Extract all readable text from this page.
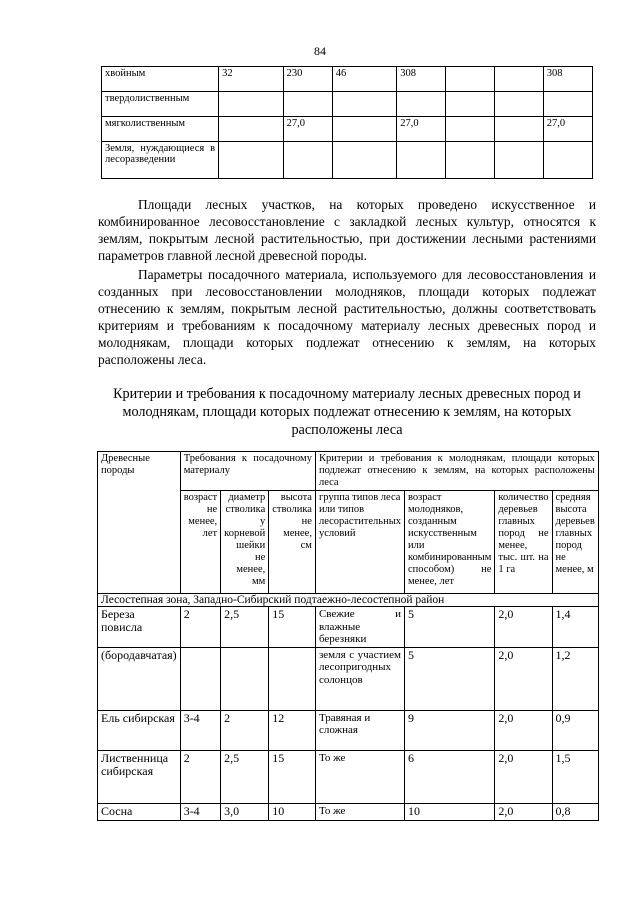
84
хвойным	32	230	46	308			308
твердолиственным							
мягколиственным		27,0		27,0			27,0
Земля, нуждающиеся в лесоразведении							

Площади лесных участков, на которых проведено искусственное и комбинированное лесовосстановление с закладкой лесных культур, относятся к землям, покрытым лесной растительностью, при достижении лесными растениями параметров главной лесной древесной породы.

Параметры посадочного материала, используемого для лесовосстановления и созданных при лесовосстановлении молодняков, площади которых подлежат отнесению к землям, покрытым лесной растительностью, должны соответствовать критериям и требованиям к посадочному материалу лесных древесных пород и молоднякам, площади которых подлежат отнесению к землям, на которых расположены леса.

Критерии и требования к посадочному материалу лесных древесных пород и молоднякам, площади которых подлежат отнесению к землям, на которых расположены леса

Древесные породы	Требования к посадочному материалу			Критерии и требования к молоднякам, площади которых подлежат отнесению к землям, на которых расположены леса			
	возраст не менее, лет	диаметр стволика у корневой шейки не менее, мм	высота стволика не менее, см	группа типов леса или типов лесорастительных условий	возраст молодняков, созданным искусственным или комбинированным способом) не менее, лет	количество деревьев главных пород не менее, тыс. шт. на 1 га	средняя высота деревьев главных пород не менее, м
Лесостепная зона, Западно-Сибирский подтаежно-лесостепной район							
Береза повисла	2	2,5	15	Свежие и влажные березняки	5	2,0	1,4
(бородавчатая)				земля с участием лесопригодных солонцов	5	2,0	1,2
Ель сибирская	3-4	2	12	Травяная и сложная	9	2,0	0,9
Лиственница сибирская	2	2,5	15	То же	6	2,0	1,5
Сосна	3-4	3,0	10	То же	10	2,0	0,8
